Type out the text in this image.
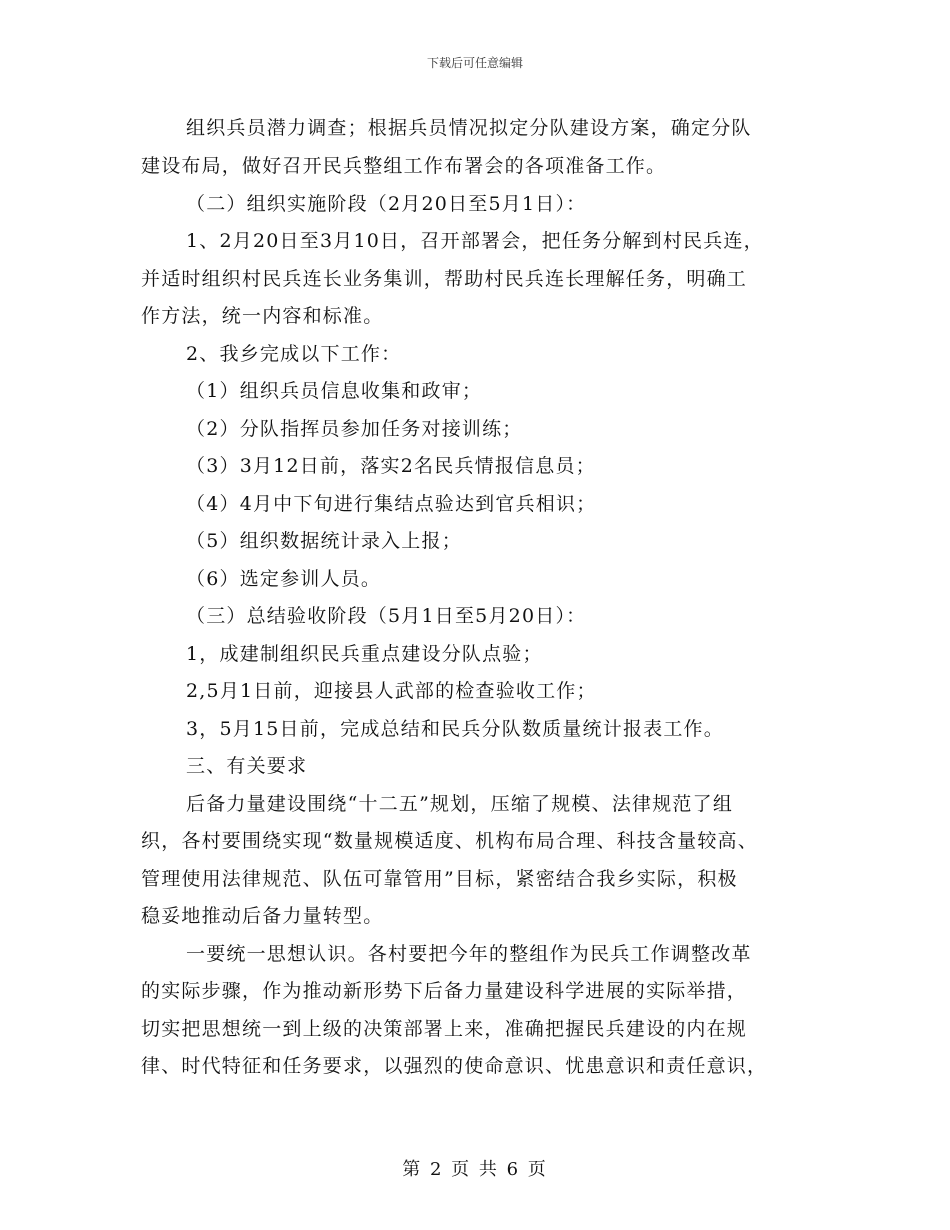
下载后可任意编辑
组织兵员潜力调查；根据兵员情况拟定分队建设方案，确定分队
建设布局，做好召开民兵整组工作布署会的各项准备工作。
（二）组织实施阶段（2月20日至5月1日）：
1、2月20日至3月10日，召开部署会，把任务分解到村民兵连，
并适时组织村民兵连长业务集训，帮助村民兵连长理解任务，明确工
作方法，统一内容和标准。
2、我乡完成以下工作：
（1）组织兵员信息收集和政审；
（2）分队指挥员参加任务对接训练；
（3）3月12日前，落实2名民兵情报信息员；
（4）4月中下旬进行集结点验达到官兵相识；
（5）组织数据统计录入上报；
（6）选定参训人员。
（三）总结验收阶段（5月1日至5月20日）：
1，成建制组织民兵重点建设分队点验；
2,5月1日前，迎接县人武部的检查验收工作；
3，5月15日前，完成总结和民兵分队数质量统计报表工作。
三、有关要求
后备力量建设围绕“十二五”规划，压缩了规模、法律规范了组
织，各村要围绕实现“数量规模适度、机构布局合理、科技含量较高、
管理使用法律规范、队伍可靠管用”目标，紧密结合我乡实际，积极
稳妥地推动后备力量转型。
一要统一思想认识。各村要把今年的整组作为民兵工作调整改革
的实际步骤，作为推动新形势下后备力量建设科学进展的实际举措，
切实把思想统一到上级的决策部署上来，准确把握民兵建设的内在规
律、时代特征和任务要求，以强烈的使命意识、忧患意识和责任意识，
第 2 页 共 6 页
